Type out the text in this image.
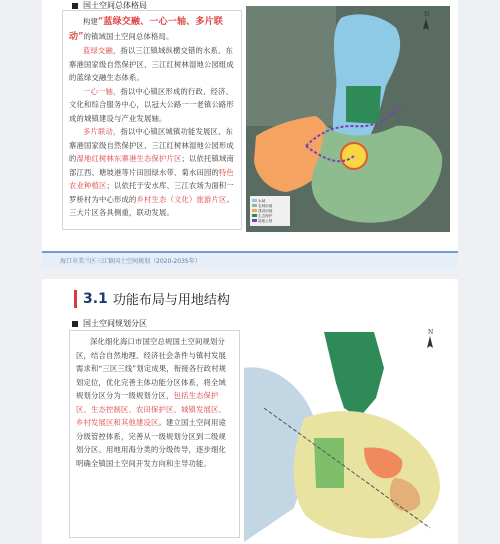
国土空间总体格局

构建“蓝绿交融、一心一轴、多片联动”的镇域国土空间总体格局。

蓝绿交融，指以三江镇域纵横交错的水系、东寨港国家级自然保护区、三江红树林湿地公园组成的蓝绿交融生态体系。

一心一轴，指以中心镇区形成的行政、经济、文化和综合服务中心，以冠大公路一一老镇公路形成的城镇建设与产业发展轴。

多片联动，指以中心镇区城镇功能发展区、东寨港国家级自然保护区、三江红树林湿地公园形成的湿地红树林东寨港生态保护片区；以依托镇域南部江西、塘坡港等片田园绿水带、菊水田园的特色农业种植区；以依托于安水库、三江农场为面积一罗桥村为中心形成的乡村生态（文化）旅游片区。三大片区各具侧重，联动发展。

N
水域
农林用地
建设用地
生态保护
湿地公园
海口市美兰区三江镇国土空间规划（2020-2035年）
3.1 功能布局与用地结构
国土空间规划分区

深化细化海口市国空总规国土空间规划分区，结合自然地理、经济社会条件与镇村发展需求和“三区三线”划定成果，衔接各行政村规划定位，优化完善主体功能分区体系，将全域规划分区分为一级规划分区，包括生态保护区、生态控制区、农田保护区、城镇发展区、乡村发展区和其他建设区。建立国土空间用途分级管控体系，完善从一级规划分区到二级规划分区、用地用海分类的分级传导，逐步细化明确全镇国土空间开发方向和主导功能。

N
